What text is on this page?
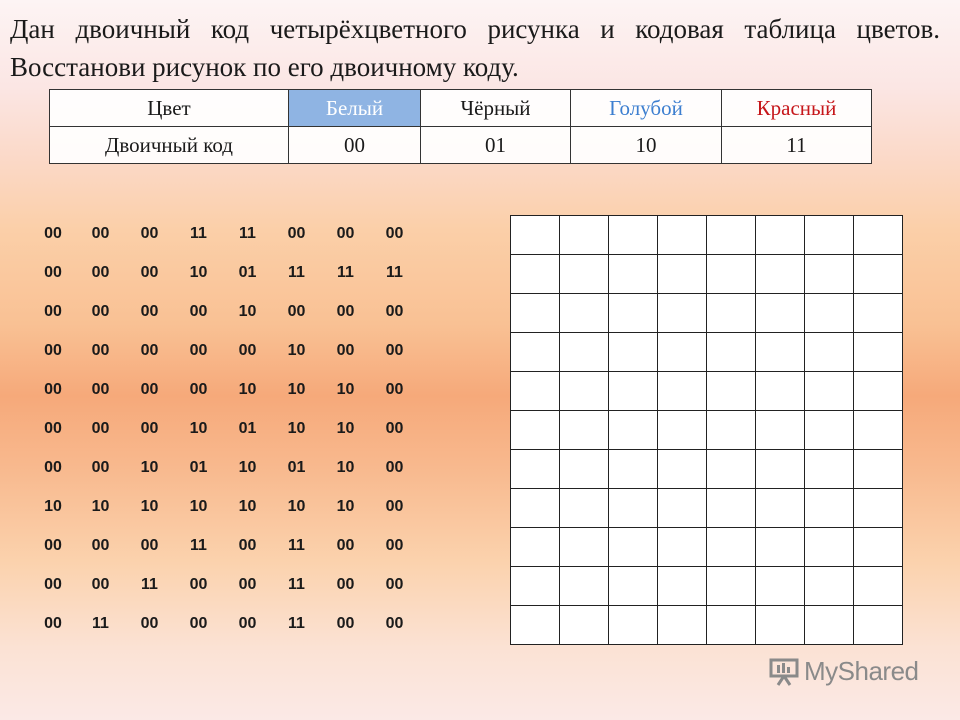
Дан двоичный код четырёхцветного рисунка и кодовая таблица цветов. Восстанови рисунок по его двоичному коду.

Цвет	Белый	Чёрный	Голубой	Красный
Двоичный код	00	01	10	11
00	00	00	11	11	00	00	00
00	00	00	10	01	11	11	11
00	00	00	00	10	00	00	00
00	00	00	00	00	10	00	00
00	00	00	00	10	10	10	00
00	00	00	10	01	10	10	00
00	00	10	01	10	01	10	00
10	10	10	10	10	10	10	00
00	00	00	11	00	11	00	00
00	00	11	00	00	11	00	00
00	11	00	00	00	11	00	00

MyShared
